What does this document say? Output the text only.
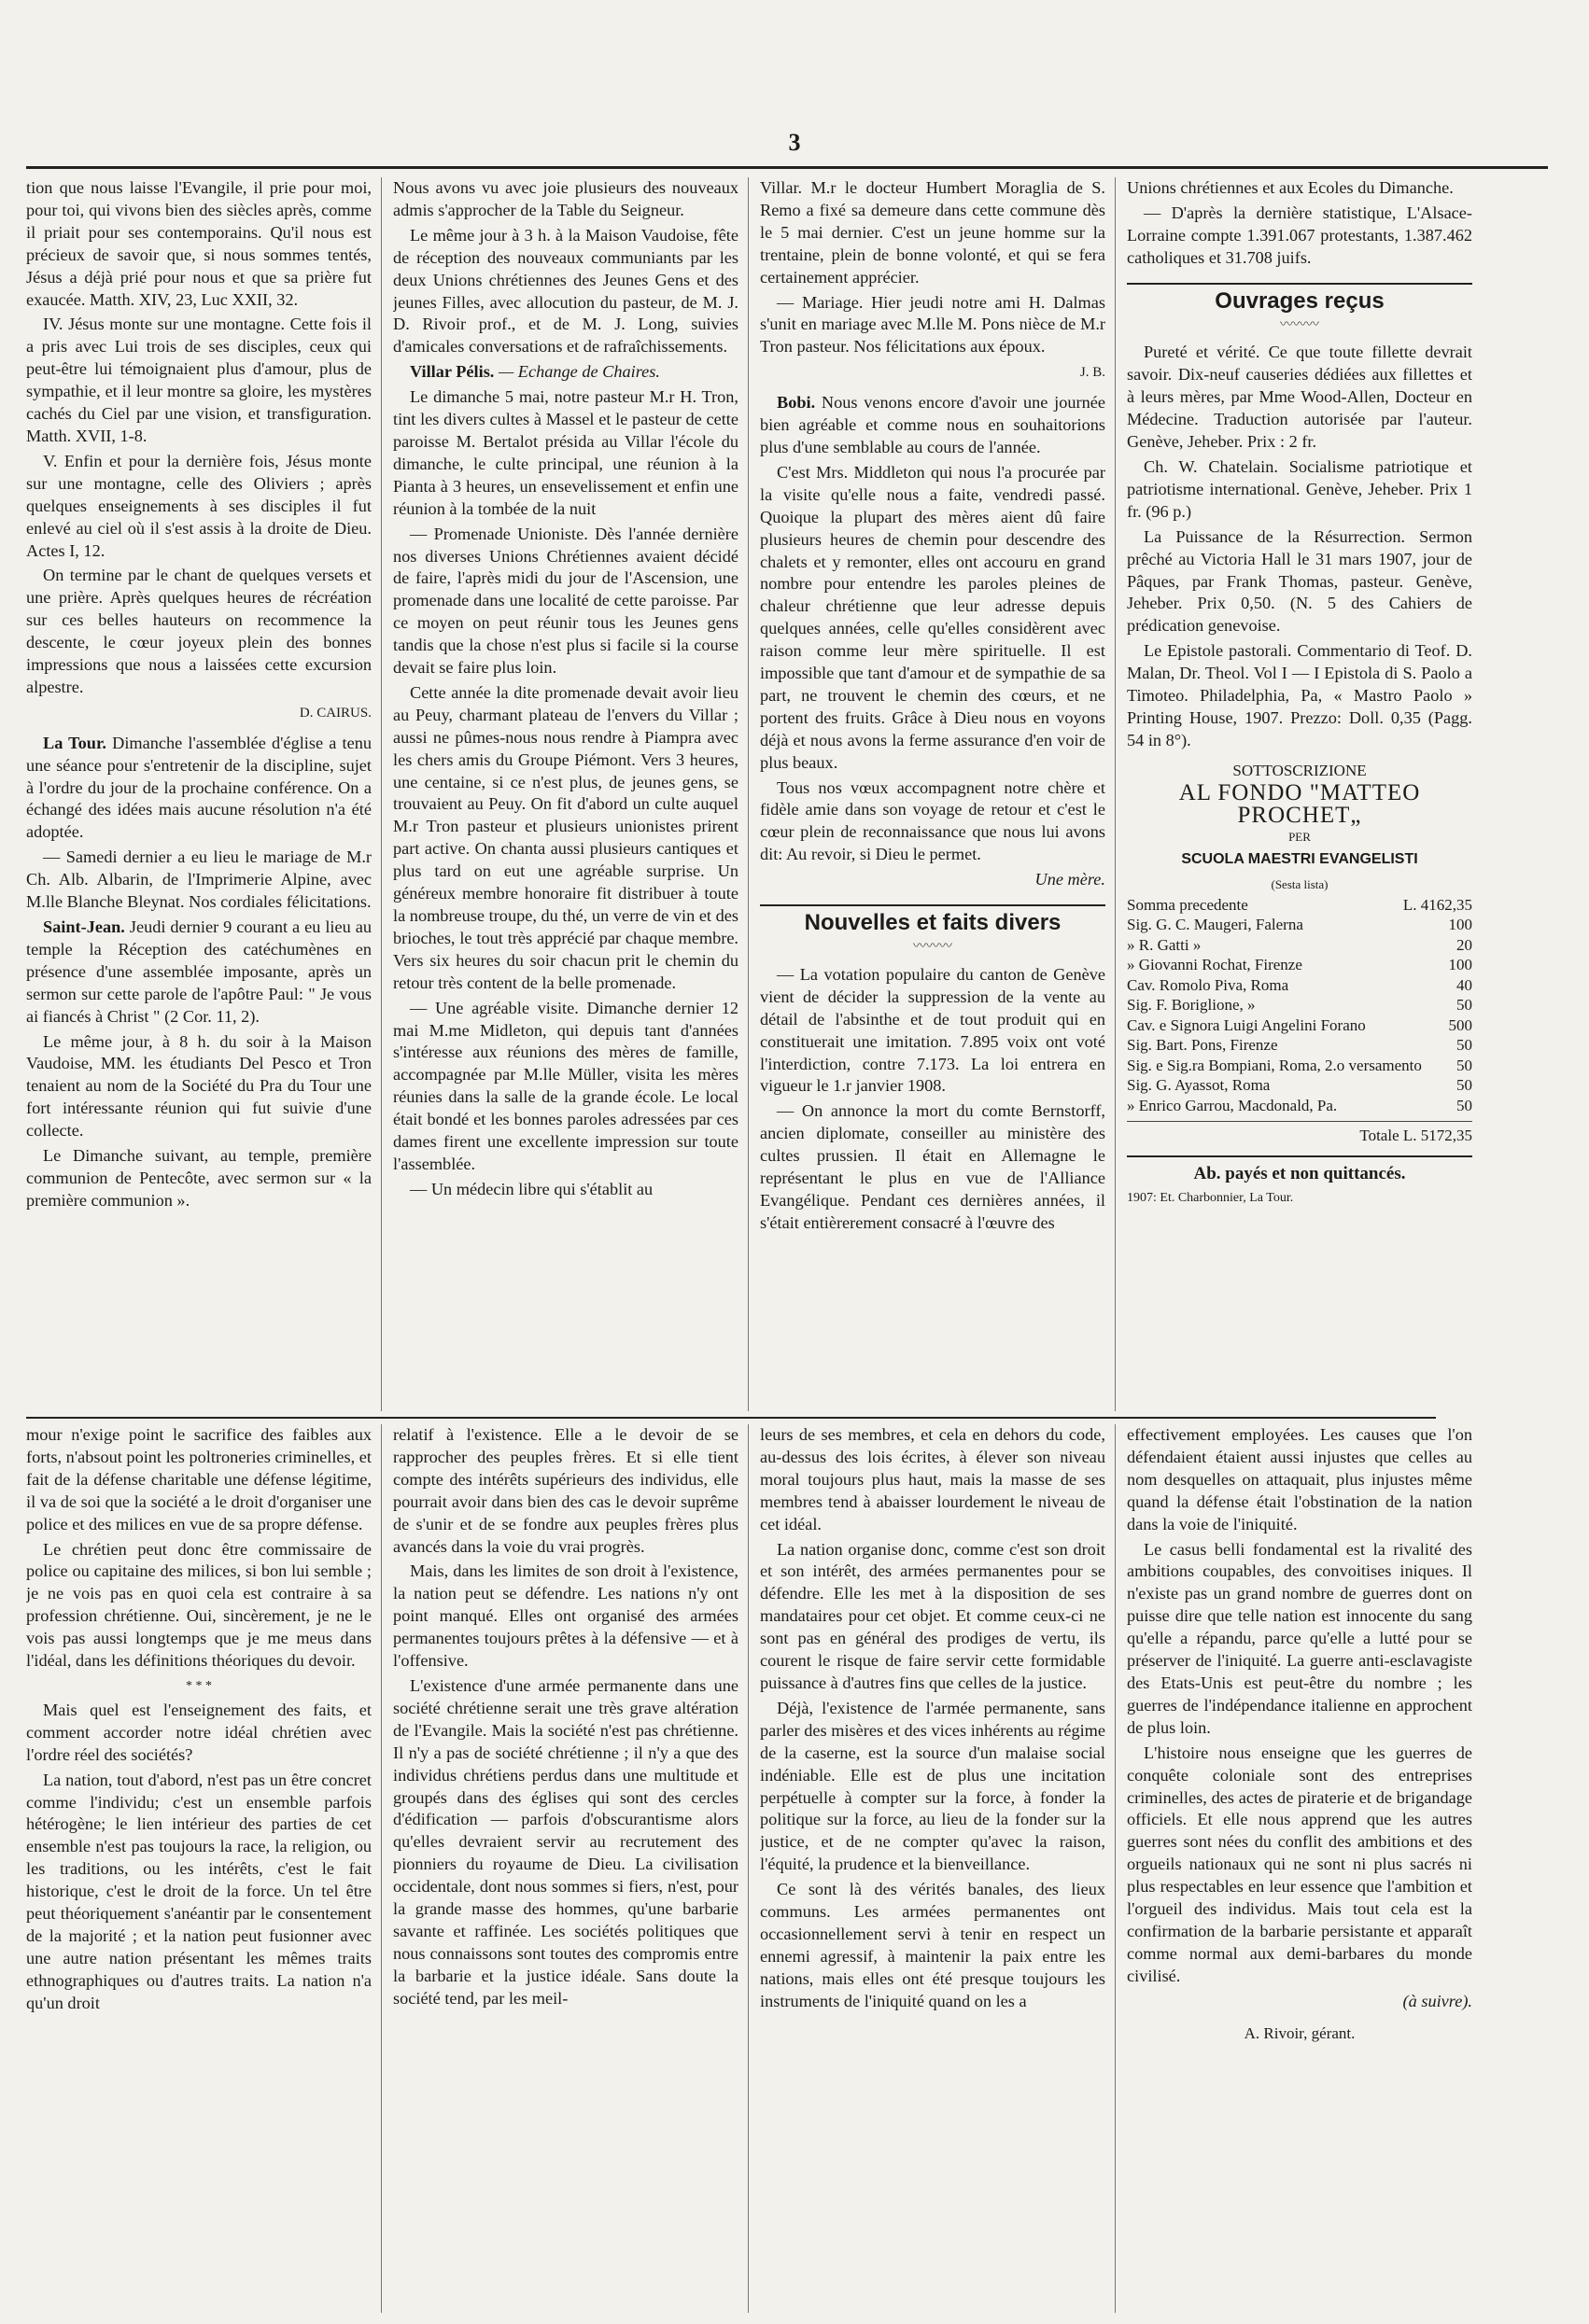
3

tion que nous laisse l'Evangile, il prie pour moi, pour toi, qui vivons bien des siècles après, comme il priait pour ses contemporains. Qu'il nous est précieux de savoir que, si nous sommes tentés, Jésus a déjà prié pour nous et que sa prière fut exaucée. Matth. XIV, 23, Luc XXII, 32.

IV. Jésus monte sur une montagne. Cette fois il a pris avec Lui trois de ses disciples, ceux qui peut-être lui témoignaient plus d'amour, plus de sympathie, et il leur montre sa gloire, les mystères cachés du Ciel par une vision, et transfiguration. Matth. XVII, 1-8.

V. Enfin et pour la dernière fois, Jésus monte sur une montagne, celle des Oliviers ; après quelques enseignements à ses disciples il fut enlevé au ciel où il s'est assis à la droite de Dieu. Actes I, 12.

On termine par le chant de quelques versets et une prière. Après quelques heures de récréation sur ces belles hauteurs on recommence la descente, le cœur joyeux plein des bonnes impressions que nous a laissées cette excursion alpestre.

D. CAIRUS.

La Tour. Dimanche l'assemblée d'église a tenu une séance pour s'entretenir de la discipline, sujet à l'ordre du jour de la prochaine conférence. On a échangé des idées mais aucune résolution n'a été adoptée.

— Samedi dernier a eu lieu le mariage de M.r Ch. Alb. Albarin, de l'Imprimerie Alpine, avec M.lle Blanche Bleynat. Nos cordiales félicitations.

Saint-Jean. Jeudi dernier 9 courant a eu lieu au temple la Réception des catéchumènes en présence d'une assemblée imposante, après un sermon sur cette parole de l'apôtre Paul: " Je vous ai fiancés à Christ " (2 Cor. 11, 2).

Le même jour, à 8 h. du soir à la Maison Vaudoise, MM. les étudiants Del Pesco et Tron tenaient au nom de la Société du Pra du Tour une fort intéressante réunion qui fut suivie d'une collecte.

Le Dimanche suivant, au temple, première communion de Pentecôte, avec sermon sur « la première communion ».

Nous avons vu avec joie plusieurs des nouveaux admis s'approcher de la Table du Seigneur.

Le même jour à 3 h. à la Maison Vaudoise, fête de réception des nouveaux communiants par les deux Unions chrétiennes des Jeunes Gens et des jeunes Filles, avec allocution du pasteur, de M. J. D. Rivoir prof., et de M. J. Long, suivies d'amicales conversations et de rafraîchissements.

Villar Pélis. — Echange de Chaires.

Le dimanche 5 mai, notre pasteur M.r H. Tron, tint les divers cultes à Massel et le pasteur de cette paroisse M. Bertalot présida au Villar l'école du dimanche, le culte principal, une réunion à la Pianta à 3 heures, un ensevelissement et enfin une réunion à la tombée de la nuit

— Promenade Unioniste. Dès l'année dernière nos diverses Unions Chrétiennes avaient décidé de faire, l'après midi du jour de l'Ascension, une promenade dans une localité de cette paroisse. Par ce moyen on peut réunir tous les Jeunes gens tandis que la chose n'est plus si facile si la course devait se faire plus loin.

Cette année la dite promenade devait avoir lieu au Peuy, charmant plateau de l'envers du Villar ; aussi ne pûmes-nous nous rendre à Piampra avec les chers amis du Groupe Piémont. Vers 3 heures, une centaine, si ce n'est plus, de jeunes gens, se trouvaient au Peuy. On fit d'abord un culte auquel M.r Tron pasteur et plusieurs unionistes prirent part active. On chanta aussi plusieurs cantiques et plus tard on eut une agréable surprise. Un généreux membre honoraire fit distribuer à toute la nombreuse troupe, du thé, un verre de vin et des brioches, le tout très apprécié par chaque membre. Vers six heures du soir chacun prit le chemin du retour très content de la belle promenade.

— Une agréable visite. Dimanche dernier 12 mai M.me Midleton, qui depuis tant d'années s'intéresse aux réunions des mères de famille, accompagnée par M.lle Müller, visita les mères réunies dans la salle de la grande école. Le local était bondé et les bonnes paroles adressées par ces dames firent une excellente impression sur toute l'assemblée.

— Un médecin libre qui s'établit au

Villar. M.r le docteur Humbert Moraglia de S. Remo a fixé sa demeure dans cette commune dès le 5 mai dernier. C'est un jeune homme sur la trentaine, plein de bonne volonté, et qui se fera certainement apprécier.

— Mariage. Hier jeudi notre ami H. Dalmas s'unit en mariage avec M.lle M. Pons nièce de M.r Tron pasteur. Nos félicitations aux époux.

J. B.

Bobi. Nous venons encore d'avoir une journée bien agréable et comme nous en souhaitorions plus d'une semblable au cours de l'année.

C'est Mrs. Middleton qui nous l'a procurée par la visite qu'elle nous a faite, vendredi passé. Quoique la plupart des mères aient dû faire plusieurs heures de chemin pour descendre des chalets et y remonter, elles ont accouru en grand nombre pour entendre les paroles pleines de chaleur chrétienne que leur adresse depuis quelques années, celle qu'elles considèrent avec raison comme leur mère spirituelle. Il est impossible que tant d'amour et de sympathie de sa part, ne trouvent le chemin des cœurs, et ne portent des fruits. Grâce à Dieu nous en voyons déjà et nous avons la ferme assurance d'en voir de plus beaux.

Tous nos vœux accompagnent notre chère et fidèle amie dans son voyage de retour et c'est le cœur plein de reconnaissance que nous lui avons dit: Au revoir, si Dieu le permet.

Une mère.
Nouvelles et faits divers
〰〰〰

— La votation populaire du canton de Genève vient de décider la suppression de la vente au détail de l'absinthe et de tout produit qui en constituerait une imitation. 7.895 voix ont voté l'interdiction, contre 7.173. La loi entrera en vigueur le 1.r janvier 1908.

— On annonce la mort du comte Bernstorff, ancien diplomate, conseiller au ministère des cultes prussien. Il était en Allemagne le représentant le plus en vue de l'Alliance Evangélique. Pendant ces dernières années, il s'était entièrerement consacré à l'œuvre des

Unions chrétiennes et aux Ecoles du Dimanche.

— D'après la dernière statistique, L'Alsace-Lorraine compte 1.391.067 protestants, 1.387.462 catholiques et 31.708 juifs.

Ouvrages reçus
〰〰〰

Pureté et vérité. Ce que toute fillette devrait savoir. Dix-neuf causeries dédiées aux fillettes et à leurs mères, par Mme Wood-Allen, Docteur en Médecine. Traduction autorisée par l'auteur. Genève, Jeheber. Prix : 2 fr.

Ch. W. Chatelain. Socialisme patriotique et patriotisme international. Genève, Jeheber. Prix 1 fr. (96 p.)

La Puissance de la Résurrection. Sermon prêché au Victoria Hall le 31 mars 1907, jour de Pâques, par Frank Thomas, pasteur. Genève, Jeheber. Prix 0,50. (N. 5 des Cahiers de prédication genevoise.

Le Epistole pastorali. Commentario di Teof. D. Malan, Dr. Theol. Vol I — I Epistola di S. Paolo a Timoteo. Philadelphia, Pa, « Mastro Paolo » Printing House, 1907. Prezzo: Doll. 0,35 (Pagg. 54 in 8°).

SOTTOSCRIZIONE
AL FONDO "MATTEO PROCHET„
PER
SCUOLA MAESTRI EVANGELISTI
(Sesta lista)
Somma precedente	L. 4162,35
Sig. G. C. Maugeri, Falerna	100
» R. Gatti »	20
» Giovanni Rochat, Firenze	100
Cav. Romolo Piva, Roma	40
Sig. F. Boriglione, »	50
Cav. e Signora Luigi Angelini Forano	500
Sig. Bart. Pons, Firenze	50
Sig. e Sig.ra Bompiani, Roma, 2.o versamento 50
Sig. G. Ayassot, Roma	50
» Enrico Garrou, Macdonald, Pa.	50
Totale L. 5172,35
Ab. payés et non quittancés.
1907: Et. Charbonnier, La Tour.

mour n'exige point le sacrifice des faibles aux forts, n'absout point les poltroneries criminelles, et fait de la défense charitable une défense légitime, il va de soi que la société a le droit d'organiser une police et des milices en vue de sa propre défense.

Le chrétien peut donc être commissaire de police ou capitaine des milices, si bon lui semble ; je ne vois pas en quoi cela est contraire à sa profession chrétienne. Oui, sincèrement, je ne le vois pas aussi longtemps que je me meus dans l'idéal, dans les définitions théoriques du devoir.

* * *

Mais quel est l'enseignement des faits, et comment accorder notre idéal chrétien avec l'ordre réel des sociétés?

La nation, tout d'abord, n'est pas un être concret comme l'individu; c'est un ensemble parfois hétérogène; le lien intérieur des parties de cet ensemble n'est pas toujours la race, la religion, ou les traditions, ou les intérêts, c'est le fait historique, c'est le droit de la force. Un tel être peut théoriquement s'anéantir par le consentement de la majorité ; et la nation peut fusionner avec une autre nation présentant les mêmes traits ethnographiques ou d'autres traits. La nation n'a qu'un droit

relatif à l'existence. Elle a le devoir de se rapprocher des peuples frères. Et si elle tient compte des intérêts supérieurs des individus, elle pourrait avoir dans bien des cas le devoir suprême de s'unir et de se fondre aux peuples frères plus avancés dans la voie du vrai progrès.

Mais, dans les limites de son droit à l'existence, la nation peut se défendre. Les nations n'y ont point manqué. Elles ont organisé des armées permanentes toujours prêtes à la défensive — et à l'offensive.

L'existence d'une armée permanente dans une société chrétienne serait une très grave altération de l'Evangile. Mais la société n'est pas chrétienne. Il n'y a pas de société chrétienne ; il n'y a que des individus chrétiens perdus dans une multitude et groupés dans des églises qui sont des cercles d'édification — parfois d'obscurantisme alors qu'elles devraient servir au recrutement des pionniers du royaume de Dieu. La civilisation occidentale, dont nous sommes si fiers, n'est, pour la grande masse des hommes, qu'une barbarie savante et raffinée. Les sociétés politiques que nous connaissons sont toutes des compromis entre la barbarie et la justice idéale. Sans doute la société tend, par les meil-

leurs de ses membres, et cela en dehors du code, au-dessus des lois écrites, à élever son niveau moral toujours plus haut, mais la masse de ses membres tend à abaisser lourdement le niveau de cet idéal.

La nation organise donc, comme c'est son droit et son intérêt, des armées permanentes pour se défendre. Elle les met à la disposition de ses mandataires pour cet objet. Et comme ceux-ci ne sont pas en général des prodiges de vertu, ils courent le risque de faire servir cette formidable puissance à d'autres fins que celles de la justice.

Déjà, l'existence de l'armée permanente, sans parler des misères et des vices inhérents au régime de la caserne, est la source d'un malaise social indéniable. Elle est de plus une incitation perpétuelle à compter sur la force, à fonder la politique sur la force, au lieu de la fonder sur la justice, et de ne compter qu'avec la raison, l'équité, la prudence et la bienveillance.

Ce sont là des vérités banales, des lieux communs. Les armées permanentes ont occasionnellement servi à tenir en respect un ennemi agressif, à maintenir la paix entre les nations, mais elles ont été presque toujours les instruments de l'iniquité quand on les a

effectivement employées. Les causes que l'on défendaient étaient aussi injustes que celles au nom desquelles on attaquait, plus injustes même quand la défense était l'obstination de la nation dans la voie de l'iniquité.

Le casus belli fondamental est la rivalité des ambitions coupables, des convoitises iniques. Il n'existe pas un grand nombre de guerres dont on puisse dire que telle nation est innocente du sang qu'elle a répandu, parce qu'elle a lutté pour se préserver de l'iniquité. La guerre anti-esclavagiste des Etats-Unis est peut-être du nombre ; les guerres de l'indépendance italienne en approchent de plus loin.

L'histoire nous enseigne que les guerres de conquête coloniale sont des entreprises criminelles, des actes de piraterie et de brigandage officiels. Et elle nous apprend que les autres guerres sont nées du conflit des ambitions et des orgueils nationaux qui ne sont ni plus sacrés ni plus respectables en leur essence que l'ambition et l'orgueil des individus. Mais tout cela est la confirmation de la barbarie persistante et apparaît comme normal aux demi-barbares du monde civilisé.

(à suivre).
A. Rivoir, gérant.
